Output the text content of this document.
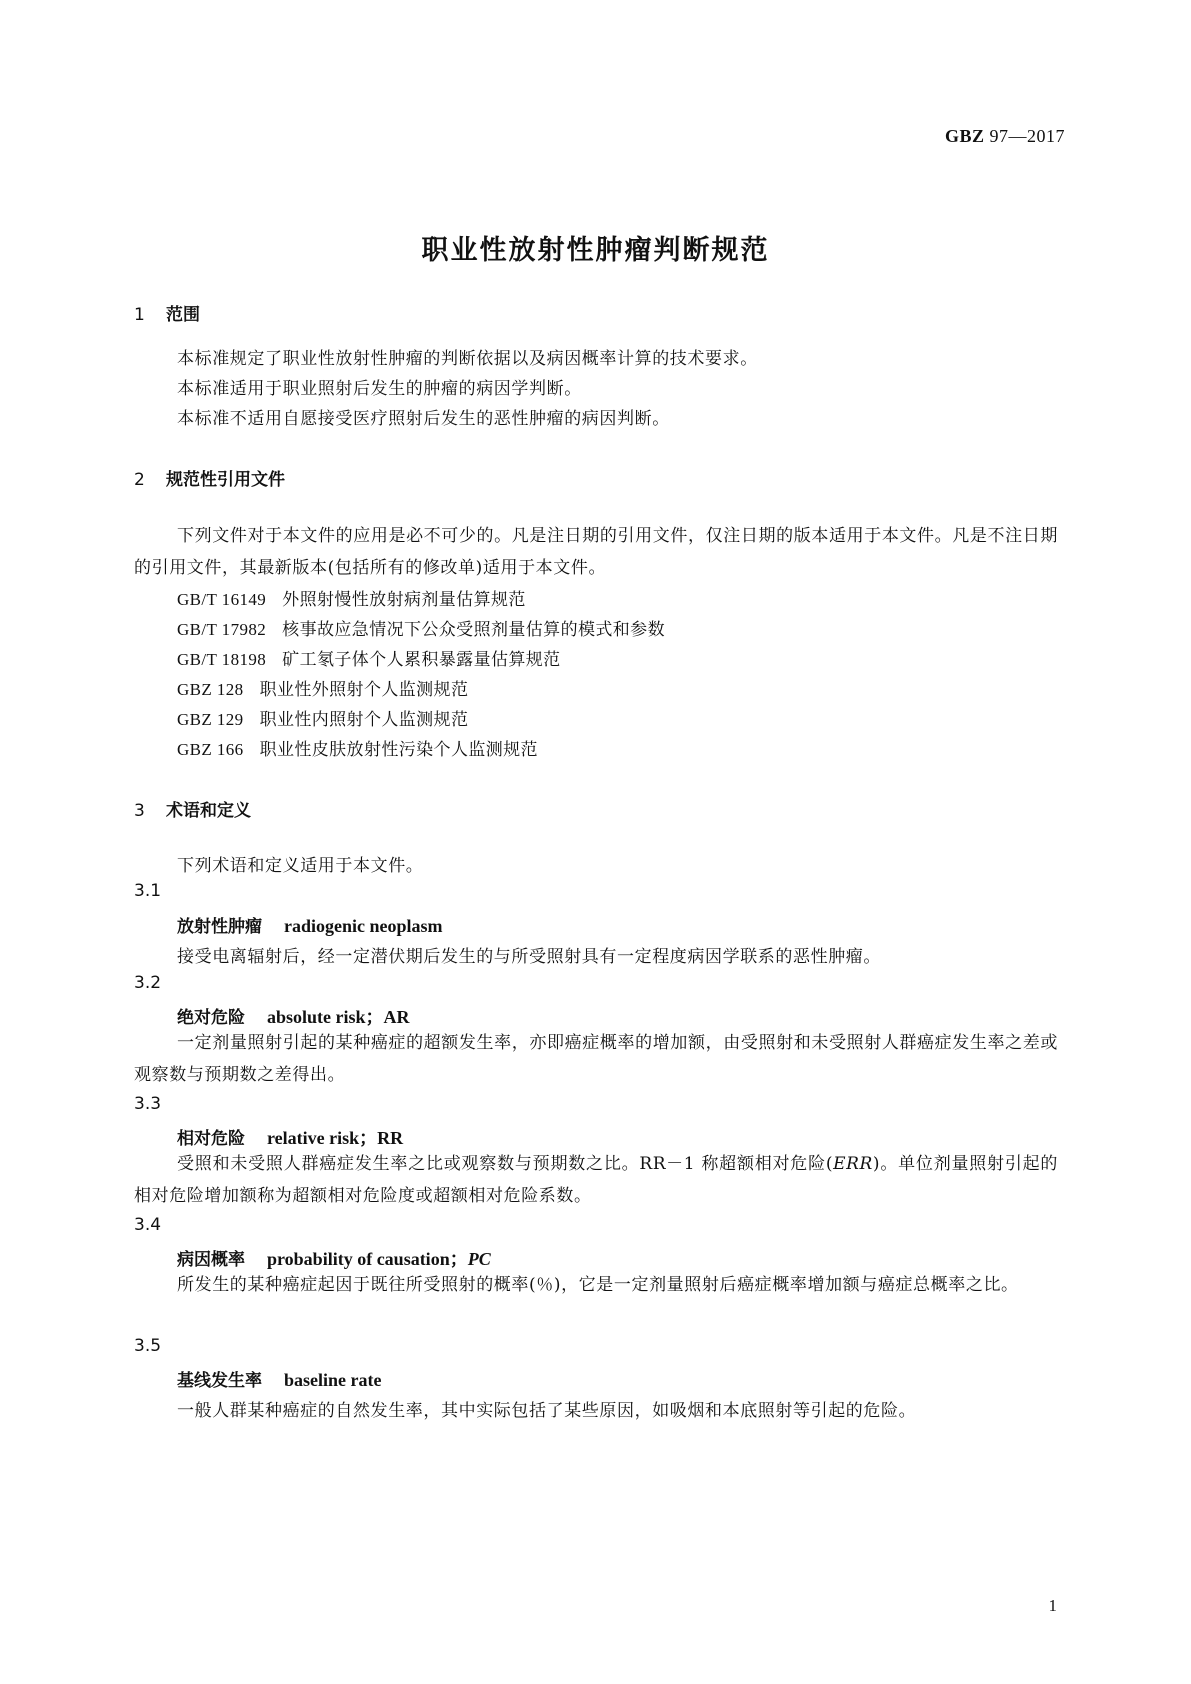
GBZ 97—2017
职业性放射性肿瘤判断规范
1 范围
本标准规定了职业性放射性肿瘤的判断依据以及病因概率计算的技术要求。
本标准适用于职业照射后发生的肿瘤的病因学判断。
本标准不适用自愿接受医疗照射后发生的恶性肿瘤的病因判断。
2 规范性引用文件
下列文件对于本文件的应用是必不可少的。凡是注日期的引用文件，仅注日期的版本适用于本文件。凡是不注日期的引用文件，其最新版本(包括所有的修改单)适用于本文件。
GB/T 16149 外照射慢性放射病剂量估算规范
GB/T 17982 核事故应急情况下公众受照剂量估算的模式和参数
GB/T 18198 矿工氡子体个人累积暴露量估算规范
GBZ 128 职业性外照射个人监测规范
GBZ 129 职业性内照射个人监测规范
GBZ 166 职业性皮肤放射性污染个人监测规范
3 术语和定义
下列术语和定义适用于本文件。
3.1
放射性肿瘤 radiogenic neoplasm
接受电离辐射后，经一定潜伏期后发生的与所受照射具有一定程度病因学联系的恶性肿瘤。
3.2
绝对危险 absolute risk；AR
一定剂量照射引起的某种癌症的超额发生率，亦即癌症概率的增加额，由受照射和未受照射人群癌症发生率之差或观察数与预期数之差得出。
3.3
相对危险 relative risk；RR
受照和未受照人群癌症发生率之比或观察数与预期数之比。RR－1 称超额相对危险(ERR)。单位剂量照射引起的相对危险增加额称为超额相对危险度或超额相对危险系数。
3.4
病因概率 probability of causation；PC
所发生的某种癌症起因于既往所受照射的概率(％)，它是一定剂量照射后癌症概率增加额与癌症总概率之比。
3.5
基线发生率 baseline rate
一般人群某种癌症的自然发生率，其中实际包括了某些原因，如吸烟和本底照射等引起的危险。
1
